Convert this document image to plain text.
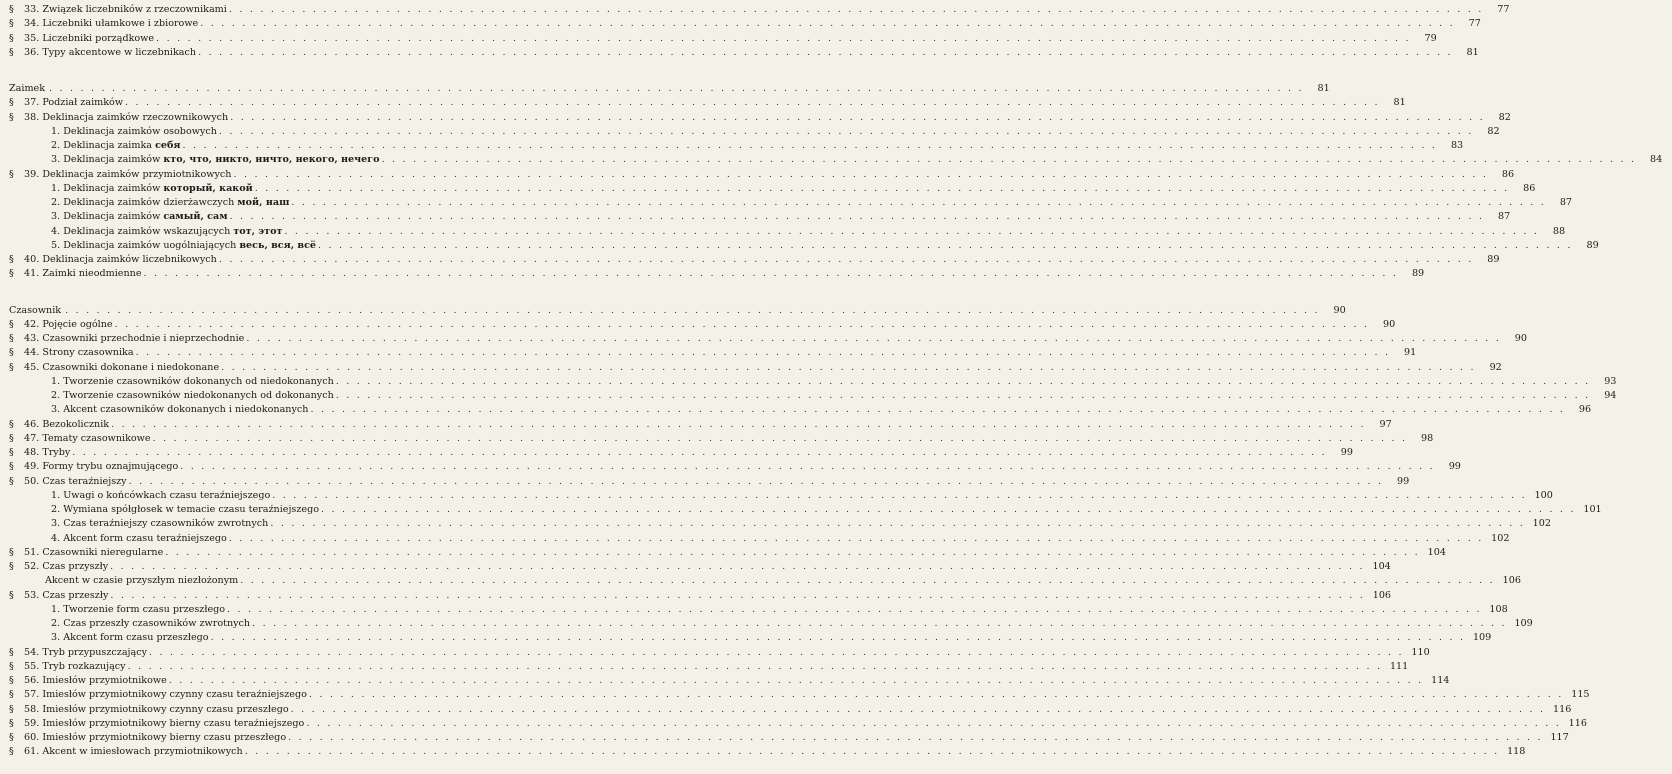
§	33. Związek liczebników z rzeczownikami . . . . . . . . . . . . . . . . . . . . . . . . . . . . . . . . . . . . . . . . . . . . . . . . . . . . . . . . . . . . . . . . . . . . . . . . . . . . . . . . . . . . . . . . . . . . . . . . . . . . . . . . . . . . . . . . . . . . . . . .	77
§	34. Liczebniki ułamkowe i zbiorowe . . . . . . . . . . . . . . . . . . . . . . . . . . . . . . . . . . . . . . . . . . . . . . . . . . . . . . . . . . . . . . . . . . . . . . . . . . . . . . . . . . . . . . . . . . . . . . . . . . . . . . . . . . . . . . . . . . . . . . . .	77
§	35. Liczebniki porządkowe . . . . . . . . . . . . . . . . . . . . . . . . . . . . . . . . . . . . . . . . . . . . . . . . . . . . . . . . . . . . . . . . . . . . . . . . . . . . . . . . . . . . . . . . . . . . . . . . . . . . . . . . . . . . . . . . . . . . . . . .	79
§	36. Typy akcentowe w liczebnikach . . . . . . . . . . . . . . . . . . . . . . . . . . . . . . . . . . . . . . . . . . . . . . . . . . . . . . . . . . . . . . . . . . . . . . . . . . . . . . . . . . . . . . . . . . . . . . . . . . . . . . . . . . . . . . . . . . . . . . . .	81
Zaimek . . . . . . . . . . . . . . . . . . . . . . . . . . . . . . . . . . . . . . . . . . . . . . . . . . . . . . . . . . . . . . . . . . . . . . . . . . . . . . . . . . . . . . . . . . . . . . . . . . . . . . . . . . . . . . . . . . . . . . . .	81
§	37. Podział zaimków . . . . . . . . . . . . . . . . . . . . . . . . . . . . . . . . . . . . . . . . . . . . . . . . . . . . . . . . . . . . . . . . . . . . . . . . . . . . . . . . . . . . . . . . . . . . . . . . . . . . . . . . . . . . . . . . . . . . . . . .	81
§	38. Deklinacja zaimków rzeczownikowych . . . . . . . . . . . . . . . . . . . . . . . . . . . . . . . . . . . . . . . . . . . . . . . . . . . . . . . . . . . . . . . . . . . . . . . . . . . . . . . . . . . . . . . . . . . . . . . . . . . . . . . . . . . . . . . . . . . . . . . .	82
1. Deklinacja zaimków osobowych . . . . . . . . . . . . . . . . . . . . . . . . . . . . . . . . . . . . . . . . . . . . . . . . . . . . . . . . . . . . . . . . . . . . . . . . . . . . . . . . . . . . . . . . . . . . . . . . . . . . . . . . . . . . . . . . . . . . . . . .	82
2. Deklinacja zaimka себя . . . . . . . . . . . . . . . . . . . . . . . . . . . . . . . . . . . . . . . . . . . . . . . . . . . . . . . . . . . . . . . . . . . . . . . . . . . . . . . . . . . . . . . . . . . . . . . . . . . . . . . . . . . . . . . . . . . . . . . .	83
3. Deklinacja zaimków кто, что, никто, ничто, некого, нечего . . . . . . . . . . . . . . . . . . . . . . . . . . . . . . . . . . . . . . . . . . . . . . . . . . . . . . . . . . . . . . . . . . . . . . . . . . . . . . . . . . . . . . . . . . . . . . . . . . . . . . . . . . . . . . . . . . . . . . . .	84
§	39. Deklinacja zaimków przymiotnikowych . . . . . . . . . . . . . . . . . . . . . . . . . . . . . . . . . . . . . . . . . . . . . . . . . . . . . . . . . . . . . . . . . . . . . . . . . . . . . . . . . . . . . . . . . . . . . . . . . . . . . . . . . . . . . . . . . . . . . . . .	86
1. Deklinacja zaimków который, какой . . . . . . . . . . . . . . . . . . . . . . . . . . . . . . . . . . . . . . . . . . . . . . . . . . . . . . . . . . . . . . . . . . . . . . . . . . . . . . . . . . . . . . . . . . . . . . . . . . . . . . . . . . . . . . . . . . . . . . . .	86
2. Deklinacja zaimków dzierżawczych мой, наш . . . . . . . . . . . . . . . . . . . . . . . . . . . . . . . . . . . . . . . . . . . . . . . . . . . . . . . . . . . . . . . . . . . . . . . . . . . . . . . . . . . . . . . . . . . . . . . . . . . . . . . . . . . . . . . . . . . . . . . .	87
3. Deklinacja zaimków самый, сам . . . . . . . . . . . . . . . . . . . . . . . . . . . . . . . . . . . . . . . . . . . . . . . . . . . . . . . . . . . . . . . . . . . . . . . . . . . . . . . . . . . . . . . . . . . . . . . . . . . . . . . . . . . . . . . . . . . . . . . .	87
4. Deklinacja zaimków wskazujących тот, этот . . . . . . . . . . . . . . . . . . . . . . . . . . . . . . . . . . . . . . . . . . . . . . . . . . . . . . . . . . . . . . . . . . . . . . . . . . . . . . . . . . . . . . . . . . . . . . . . . . . . . . . . . . . . . . . . . . . . . . . .	88
5. Deklinacja zaimków uogólniających весь, вся, всё . . . . . . . . . . . . . . . . . . . . . . . . . . . . . . . . . . . . . . . . . . . . . . . . . . . . . . . . . . . . . . . . . . . . . . . . . . . . . . . . . . . . . . . . . . . . . . . . . . . . . . . . . . . . . . . . . . . . . . . .	89
§	40. Deklinacja zaimków liczebnikowych . . . . . . . . . . . . . . . . . . . . . . . . . . . . . . . . . . . . . . . . . . . . . . . . . . . . . . . . . . . . . . . . . . . . . . . . . . . . . . . . . . . . . . . . . . . . . . . . . . . . . . . . . . . . . . . . . . . . . . . .	89
§	41. Zaimki nieodmienne . . . . . . . . . . . . . . . . . . . . . . . . . . . . . . . . . . . . . . . . . . . . . . . . . . . . . . . . . . . . . . . . . . . . . . . . . . . . . . . . . . . . . . . . . . . . . . . . . . . . . . . . . . . . . . . . . . . . . . . .	89
Czasownik . . . . . . . . . . . . . . . . . . . . . . . . . . . . . . . . . . . . . . . . . . . . . . . . . . . . . . . . . . . . . . . . . . . . . . . . . . . . . . . . . . . . . . . . . . . . . . . . . . . . . . . . . . . . . . . . . . . . . . . .	90
§	42. Pojęcie ogólne . . . . . . . . . . . . . . . . . . . . . . . . . . . . . . . . . . . . . . . . . . . . . . . . . . . . . . . . . . . . . . . . . . . . . . . . . . . . . . . . . . . . . . . . . . . . . . . . . . . . . . . . . . . . . . . . . . . . . . . .	90
§	43. Czasowniki przechodnie i nieprzechodnie . . . . . . . . . . . . . . . . . . . . . . . . . . . . . . . . . . . . . . . . . . . . . . . . . . . . . . . . . . . . . . . . . . . . . . . . . . . . . . . . . . . . . . . . . . . . . . . . . . . . . . . . . . . . . . . . . . . . . . . .	90
§	44. Strony czasownika . . . . . . . . . . . . . . . . . . . . . . . . . . . . . . . . . . . . . . . . . . . . . . . . . . . . . . . . . . . . . . . . . . . . . . . . . . . . . . . . . . . . . . . . . . . . . . . . . . . . . . . . . . . . . . . . . . . . . . . .	91
§	45. Czasowniki dokonane i niedokonane . . . . . . . . . . . . . . . . . . . . . . . . . . . . . . . . . . . . . . . . . . . . . . . . . . . . . . . . . . . . . . . . . . . . . . . . . . . . . . . . . . . . . . . . . . . . . . . . . . . . . . . . . . . . . . . . . . . . . . . .	92
1. Tworzenie czasowników dokonanych od niedokonanych . . . . . . . . . . . . . . . . . . . . . . . . . . . . . . . . . . . . . . . . . . . . . . . . . . . . . . . . . . . . . . . . . . . . . . . . . . . . . . . . . . . . . . . . . . . . . . . . . . . . . . . . . . . . . . . . . . . . . . . .	93
2. Tworzenie czasowników niedokonanych od dokonanych . . . . . . . . . . . . . . . . . . . . . . . . . . . . . . . . . . . . . . . . . . . . . . . . . . . . . . . . . . . . . . . . . . . . . . . . . . . . . . . . . . . . . . . . . . . . . . . . . . . . . . . . . . . . . . . . . . . . . . . .	94
3. Akcent czasowników dokonanych i niedokonanych . . . . . . . . . . . . . . . . . . . . . . . . . . . . . . . . . . . . . . . . . . . . . . . . . . . . . . . . . . . . . . . . . . . . . . . . . . . . . . . . . . . . . . . . . . . . . . . . . . . . . . . . . . . . . . . . . . . . . . . .	96
§	46. Bezokolicznik . . . . . . . . . . . . . . . . . . . . . . . . . . . . . . . . . . . . . . . . . . . . . . . . . . . . . . . . . . . . . . . . . . . . . . . . . . . . . . . . . . . . . . . . . . . . . . . . . . . . . . . . . . . . . . . . . . . . . . . .	97
§	47. Tematy czasownikowe . . . . . . . . . . . . . . . . . . . . . . . . . . . . . . . . . . . . . . . . . . . . . . . . . . . . . . . . . . . . . . . . . . . . . . . . . . . . . . . . . . . . . . . . . . . . . . . . . . . . . . . . . . . . . . . . . . . . . . . .	98
§	48. Tryby . . . . . . . . . . . . . . . . . . . . . . . . . . . . . . . . . . . . . . . . . . . . . . . . . . . . . . . . . . . . . . . . . . . . . . . . . . . . . . . . . . . . . . . . . . . . . . . . . . . . . . . . . . . . . . . . . . . . . . . .	99
§	49. Formy trybu oznajmującego . . . . . . . . . . . . . . . . . . . . . . . . . . . . . . . . . . . . . . . . . . . . . . . . . . . . . . . . . . . . . . . . . . . . . . . . . . . . . . . . . . . . . . . . . . . . . . . . . . . . . . . . . . . . . . . . . . . . . . . .	99
§	50. Czas teraźniejszy . . . . . . . . . . . . . . . . . . . . . . . . . . . . . . . . . . . . . . . . . . . . . . . . . . . . . . . . . . . . . . . . . . . . . . . . . . . . . . . . . . . . . . . . . . . . . . . . . . . . . . . . . . . . . . . . . . . . . . . .	99
1. Uwagi o końcówkach czasu teraźniejszego . . . . . . . . . . . . . . . . . . . . . . . . . . . . . . . . . . . . . . . . . . . . . . . . . . . . . . . . . . . . . . . . . . . . . . . . . . . . . . . . . . . . . . . . . . . . . . . . . . . . . . . . . . . . . . . . . . . . . . . . 100
2. Wymiana spółgłosek w temacie czasu teraźniejszego . . . . . . . . . . . . . . . . . . . . . . . . . . . . . . . . . . . . . . . . . . . . . . . . . . . . . . . . . . . . . . . . . . . . . . . . . . . . . . . . . . . . . . . . . . . . . . . . . . . . . . . . . . . . . . . . . . . . . . . . 101
3. Czas teraźniejszy czasowników zwrotnych . . . . . . . . . . . . . . . . . . . . . . . . . . . . . . . . . . . . . . . . . . . . . . . . . . . . . . . . . . . . . . . . . . . . . . . . . . . . . . . . . . . . . . . . . . . . . . . . . . . . . . . . . . . . . . . . . . . . . . . . 102
4. Akcent form czasu teraźniejszego . . . . . . . . . . . . . . . . . . . . . . . . . . . . . . . . . . . . . . . . . . . . . . . . . . . . . . . . . . . . . . . . . . . . . . . . . . . . . . . . . . . . . . . . . . . . . . . . . . . . . . . . . . . . . . . . . . . . . . . . 102
§	51. Czasowniki nieregularne . . . . . . . . . . . . . . . . . . . . . . . . . . . . . . . . . . . . . . . . . . . . . . . . . . . . . . . . . . . . . . . . . . . . . . . . . . . . . . . . . . . . . . . . . . . . . . . . . . . . . . . . . . . . . . . . . . . . . . . . 104
§	52. Czas przyszły . . . . . . . . . . . . . . . . . . . . . . . . . . . . . . . . . . . . . . . . . . . . . . . . . . . . . . . . . . . . . . . . . . . . . . . . . . . . . . . . . . . . . . . . . . . . . . . . . . . . . . . . . . . . . . . . . . . . . . . . 104
Akcent w czasie przyszłym niezłożonym . . . . . . . . . . . . . . . . . . . . . . . . . . . . . . . . . . . . . . . . . . . . . . . . . . . . . . . . . . . . . . . . . . . . . . . . . . . . . . . . . . . . . . . . . . . . . . . . . . . . . . . . . . . . . . . . . . . . . . . . 106
§	53. Czas przeszły . . . . . . . . . . . . . . . . . . . . . . . . . . . . . . . . . . . . . . . . . . . . . . . . . . . . . . . . . . . . . . . . . . . . . . . . . . . . . . . . . . . . . . . . . . . . . . . . . . . . . . . . . . . . . . . . . . . . . . . . 106
1. Tworzenie form czasu przeszłego . . . . . . . . . . . . . . . . . . . . . . . . . . . . . . . . . . . . . . . . . . . . . . . . . . . . . . . . . . . . . . . . . . . . . . . . . . . . . . . . . . . . . . . . . . . . . . . . . . . . . . . . . . . . . . . . . . . . . . . . 108
2. Czas przeszły czasowników zwrotnych . . . . . . . . . . . . . . . . . . . . . . . . . . . . . . . . . . . . . . . . . . . . . . . . . . . . . . . . . . . . . . . . . . . . . . . . . . . . . . . . . . . . . . . . . . . . . . . . . . . . . . . . . . . . . . . . . . . . . . . . 109
3. Akcent form czasu przeszłego . . . . . . . . . . . . . . . . . . . . . . . . . . . . . . . . . . . . . . . . . . . . . . . . . . . . . . . . . . . . . . . . . . . . . . . . . . . . . . . . . . . . . . . . . . . . . . . . . . . . . . . . . . . . . . . . . . . . . . . . 109
§	54. Tryb przypuszczający . . . . . . . . . . . . . . . . . . . . . . . . . . . . . . . . . . . . . . . . . . . . . . . . . . . . . . . . . . . . . . . . . . . . . . . . . . . . . . . . . . . . . . . . . . . . . . . . . . . . . . . . . . . . . . . . . . . . . . . . 110
§	55. Tryb rozkazujący . . . . . . . . . . . . . . . . . . . . . . . . . . . . . . . . . . . . . . . . . . . . . . . . . . . . . . . . . . . . . . . . . . . . . . . . . . . . . . . . . . . . . . . . . . . . . . . . . . . . . . . . . . . . . . . . . . . . . . . . 111
§	56. Imiesłów przymiotnikowe . . . . . . . . . . . . . . . . . . . . . . . . . . . . . . . . . . . . . . . . . . . . . . . . . . . . . . . . . . . . . . . . . . . . . . . . . . . . . . . . . . . . . . . . . . . . . . . . . . . . . . . . . . . . . . . . . . . . . . . . 114
§	57. Imiesłów przymiotnikowy czynny czasu teraźniejszego . . . . . . . . . . . . . . . . . . . . . . . . . . . . . . . . . . . . . . . . . . . . . . . . . . . . . . . . . . . . . . . . . . . . . . . . . . . . . . . . . . . . . . . . . . . . . . . . . . . . . . . . . . . . . . . . . . . . . . . . 115
§	58. Imiesłów przymiotnikowy czynny czasu przeszłego . . . . . . . . . . . . . . . . . . . . . . . . . . . . . . . . . . . . . . . . . . . . . . . . . . . . . . . . . . . . . . . . . . . . . . . . . . . . . . . . . . . . . . . . . . . . . . . . . . . . . . . . . . . . . . . . . . . . . . . . 116
§	59. Imiesłów przymiotnikowy bierny czasu teraźniejszego . . . . . . . . . . . . . . . . . . . . . . . . . . . . . . . . . . . . . . . . . . . . . . . . . . . . . . . . . . . . . . . . . . . . . . . . . . . . . . . . . . . . . . . . . . . . . . . . . . . . . . . . . . . . . . . . . . . . . . . . 116
§	60. Imiesłów przymiotnikowy bierny czasu przeszłego . . . . . . . . . . . . . . . . . . . . . . . . . . . . . . . . . . . . . . . . . . . . . . . . . . . . . . . . . . . . . . . . . . . . . . . . . . . . . . . . . . . . . . . . . . . . . . . . . . . . . . . . . . . . . . . . . . . . . . . . 117
§	61. Akcent w imiesłowach przymiotnikowych . . . . . . . . . . . . . . . . . . . . . . . . . . . . . . . . . . . . . . . . . . . . . . . . . . . . . . . . . . . . . . . . . . . . . . . . . . . . . . . . . . . . . . . . . . . . . . . . . . . . . . . . . . . . . . . . . . . . . . . . 118
